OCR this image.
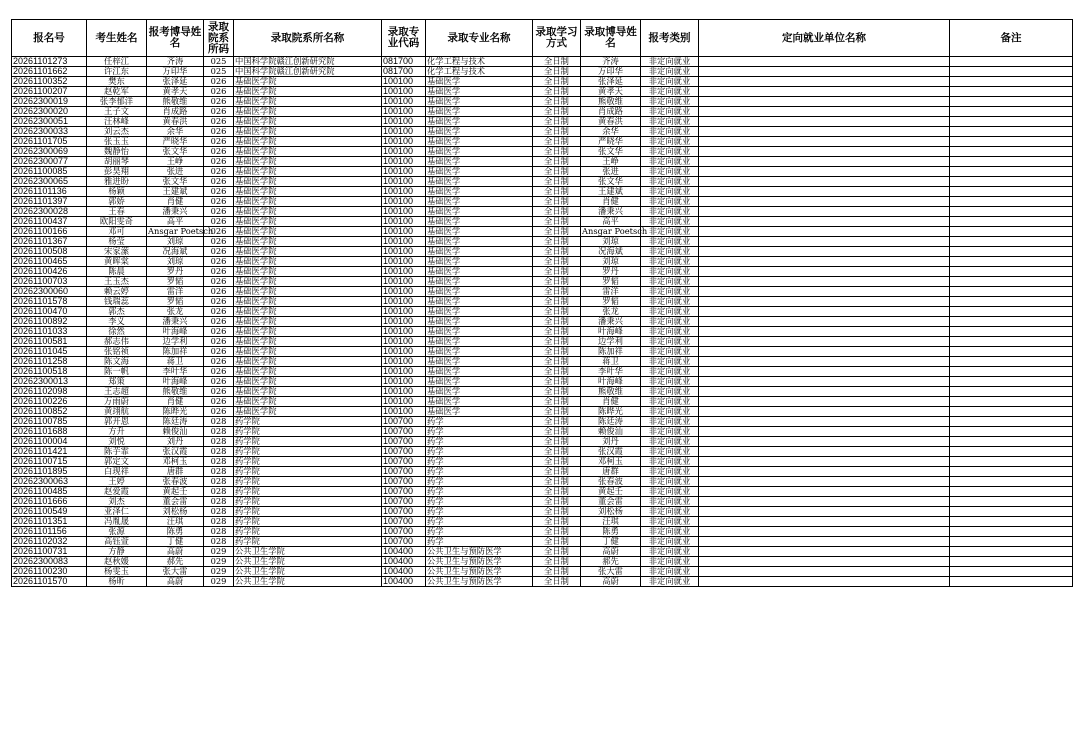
报名号	考生姓名	报考博导姓名	录取院系所码	录取院系所名称	录取专业代码	录取专业名称	录取学习方式	录取博导姓名	报考类别	定向就业单位名称	备注
20261101273	任梓江	齐涛	025	中国科学院赣江创新研究院	081700	化学工程与技术	全日制	齐涛	非定向就业		
20261101662	许江东	万印华	025	中国科学院赣江创新研究院	081700	化学工程与技术	全日制	万印华	非定向就业		
20261100352	樊东	张泽延	026	基础医学院	100100	基础医学	全日制	张泽延	非定向就业		
20261100207	赵乾军	黄孝天	026	基础医学院	100100	基础医学	全日制	黄孝天	非定向就业		
20262300019	张李郁洋	熊敬维	026	基础医学院	100100	基础医学	全日制	熊敬维	非定向就业		
20262300020	王子文	肖成路	026	基础医学院	100100	基础医学	全日制	肖成路	非定向就业		
20262300051	汪林峰	黄春洪	026	基础医学院	100100	基础医学	全日制	黄春洪	非定向就业		
20262300033	刘云杰	余华	026	基础医学院	100100	基础医学	全日制	余华	非定向就业		
20261101705	张玉玉	严晓华	026	基础医学院	100100	基础医学	全日制	严晓华	非定向就业		
20262300069	魏静怡	张文华	026	基础医学院	100100	基础医学	全日制	张文华	非定向就业		
20262300077	胡丽琴	王峥	026	基础医学院	100100	基础医学	全日制	王峥	非定向就业		
20261100085	彭昊翔	张进	026	基础医学院	100100	基础医学	全日制	张进	非定向就业		
20262300065	雅进盼	张文华	026	基础医学院	100100	基础医学	全日制	张文华	非定向就业		
20261101136	杨颖	王建斌	026	基础医学院	100100	基础医学	全日制	王建斌	非定向就业		
20261101397	郭娇	肖健	026	基础医学院	100100	基础医学	全日制	肖健	非定向就业		
20262300028	王春	潘秉兴	026	基础医学院	100100	基础医学	全日制	潘秉兴	非定向就业		
20261100437	欧阳雯奇	高平	026	基础医学院	100100	基础医学	全日制	高平	非定向就业		
20261100166	邓可	Ansgar Poetsch	026	基础医学院	100100	基础医学	全日制	Ansgar Poetsch	非定向就业		
20261101367	杨莹	刘琼	026	基础医学院	100100	基础医学	全日制	刘琼	非定向就业		
20261100508	宋家潆	况海斌	026	基础医学院	100100	基础医学	全日制	况海斌	非定向就业		
20261100465	黄晖棠	刘琼	026	基础医学院	100100	基础医学	全日制	刘琼	非定向就业		
20261100426	陈晨	罗丹	026	基础医学院	100100	基础医学	全日制	罗丹	非定向就业		
20261100703	王玉杰	罗韬	026	基础医学院	100100	基础医学	全日制	罗韬	非定向就业		
20262300060	赖云婷	雷洋	026	基础医学院	100100	基础医学	全日制	雷洋	非定向就业		
20261101578	钱瑞蕊	罗韬	026	基础医学院	100100	基础医学	全日制	罗韬	非定向就业		
20261100470	郭杰	张龙	026	基础医学院	100100	基础医学	全日制	张龙	非定向就业		
20261100892	李义	潘秉兴	026	基础医学院	100100	基础医学	全日制	潘秉兴	非定向就业		
20261101033	徐然	叶海峰	026	基础医学院	100100	基础医学	全日制	叶海峰	非定向就业		
20261100581	郝志伟	边学利	026	基础医学院	100100	基础医学	全日制	边学利	非定向就业		
20261101045	张铭祯	陈加祥	026	基础医学院	100100	基础医学	全日制	陈加祥	非定向就业		
20261101258	陈文海	蒋卫	026	基础医学院	100100	基础医学	全日制	蒋卫	非定向就业		
20261100518	陈一帆	李叶华	026	基础医学院	100100	基础医学	全日制	李叶华	非定向就业		
20262300013	郑策	叶海峰	026	基础医学院	100100	基础医学	全日制	叶海峰	非定向就业		
20261102098	王志超	熊敬维	026	基础医学院	100100	基础医学	全日制	熊敬维	非定向就业		
20261100226	万雨蔚	肖健	026	基础医学院	100100	基础医学	全日制	肖健	非定向就业		
20261100852	黄翊航	陈晔光	026	基础医学院	100100	基础医学	全日制	陈晔光	非定向就业		
20261100785	郭开恩	陈廷涛	028	药学院	100700	药学	全日制	陈廷涛	非定向就业		
20261101688	方升	赖俊汕	028	药学院	100700	药学	全日制	赖俊汕	非定向就业		
20261100004	刘悦	刘丹	028	药学院	100700	药学	全日制	刘丹	非定向就业		
20261101421	陈芋霏	张汉霞	028	药学院	100700	药学	全日制	张汉霞	非定向就业		
20261100715	郭定文	邓柯玉	028	药学院	100700	药学	全日制	邓柯玉	非定向就业		
20261101895	白现祥	唐群	028	药学院	100700	药学	全日制	唐群	非定向就业		
20262300063	王婷	张春波	028	药学院	100700	药学	全日制	张春波	非定向就业		
20261100485	赵爱霞	黄起壬	028	药学院	100700	药学	全日制	黄起壬	非定向就业		
20261101666	刘杰	董会雷	028	药学院	100700	药学	全日制	董会雷	非定向就业		
20261100549	亚泽仁	刘松杨	028	药学院	100700	药学	全日制	刘松杨	非定向就业		
20261101351	冯胤晟	汪琪	028	药学院	100700	药学	全日制	汪琪	非定向就业		
20261101156	张源	陈勇	028	药学院	100700	药学	全日制	陈勇	非定向就业		
20261102032	高钰萱	丁健	028	药学院	100700	药学	全日制	丁健	非定向就业		
20261100731	方静	高蔚	029	公共卫生学院	100400	公共卫生与预防医学	全日制	高蔚	非定向就业		
20262300083	赵秋媛	郝先	029	公共卫生学院	100400	公共卫生与预防医学	全日制	郝先	非定向就业		
20261100230	杨雯玉	张大雷	029	公共卫生学院	100400	公共卫生与预防医学	全日制	张大雷	非定向就业		
20261101570	杨昕	高蔚	029	公共卫生学院	100400	公共卫生与预防医学	全日制	高蔚	非定向就业		
